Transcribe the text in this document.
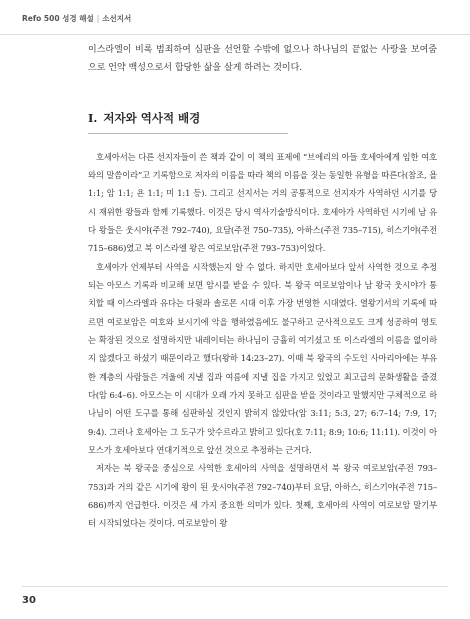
Refo 500 성경 해설 | 소선지서

이스라엘이 비록 범죄하여 심판을 선언할 수밖에 없으나 하나님의 끝없는 사랑을 보여줌으로 언약 백성으로서 합당한 삶을 살게 하려는 것이다.

I. 저자와 역사적 배경

호세아서는 다른 선지자들이 쓴 책과 같이 이 책의 표제에 “브에리의 아들 호세아에게 임한 여호와의 말씀이라”고 기록함으로 저자의 이름을 따라 책의 이름을 짓는 동일한 유형을 따른다(참조, 욜 1:1; 암 1:1; 욘 1:1; 미 1:1 등). 그리고 선지서는 거의 공통적으로 선지자가 사역하던 시기를 당시 재위한 왕들과 함께 기록했다. 이것은 당시 역사기술방식이다. 호세아가 사역하던 시기에 남 유다 왕들은 웃시야(주전 792–740), 요담(주전 750–735), 아하스(주전 735–715), 히스기야(주전 715–686)였고 북 이스라엘 왕은 여로보암(주전 793–753)이었다.

호세아가 언제부터 사역을 시작했는지 알 수 없다. 하지만 호세아보다 앞서 사역한 것으로 추정되는 아모스 기록과 비교해 보면 암시를 받을 수 있다. 북 왕국 여로보암이나 남 왕국 웃시야가 통치할 때 이스라엘과 유다는 다윗과 솔로몬 시대 이후 가장 번영한 시대였다. 열왕기서의 기록에 따르면 여로보암은 여호와 보시기에 악을 행하였음에도 불구하고 군사적으로도 크게 성공하여 영토는 확장된 것으로 설명하지만 내레이터는 하나님이 긍휼히 여기셨고 또 이스라엘의 이름을 없이하지 않겠다고 하셨기 때문이라고 했다(왕하 14:23–27). 이때 북 왕국의 수도인 사마리아에는 부유한 계층의 사람들은 겨울에 지낼 집과 여름에 지낼 집을 가지고 있었고 최고급의 문화생활을 즐겼다(암 6:4–6). 아모스는 이 시대가 오래 가지 못하고 심판을 받을 것이라고 말했지만 구체적으로 하나님이 어떤 도구를 통해 심판하실 것인지 밝히지 않았다(암 3:11; 5:3, 27; 6:7–14; 7:9, 17; 9:4). 그러나 호세아는 그 도구가 앗수르라고 밝히고 있다(호 7:11; 8:9; 10:6; 11:11). 이것이 아모스가 호세아보다 연대기적으로 앞선 것으로 추정하는 근거다.

저자는 북 왕국을 중심으로 사역한 호세아의 사역을 설명하면서 북 왕국 여로보암(주전 793–753)과 거의 같은 시기에 왕이 된 웃시야(주전 792–740)부터 요담, 아하스, 히스기야(주전 715–686)까지 언급한다. 이것은 세 가지 중요한 의미가 있다. 첫째, 호세아의 사역이 여로보암 말기부터 시작되었다는 것이다. 여로보암이 왕

30
